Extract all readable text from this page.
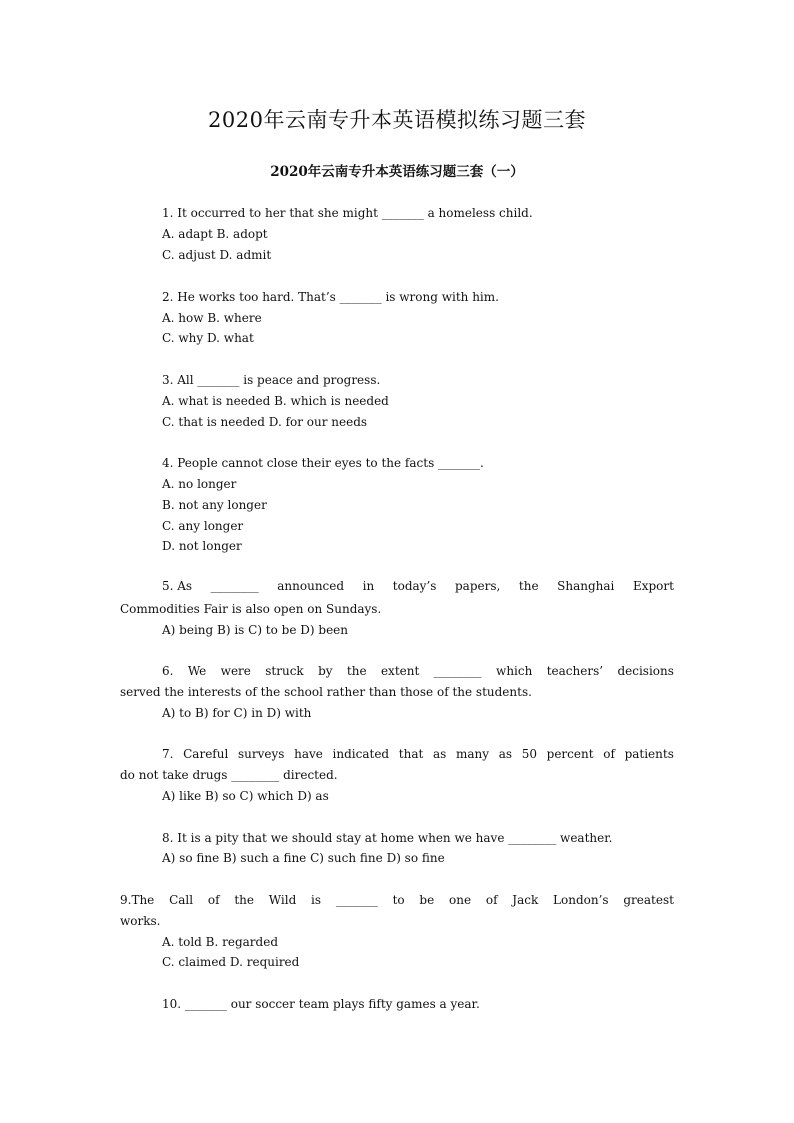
2020年云南专升本英语模拟练习题三套
2020年云南专升本英语练习题三套（一）
1. It occurred to her that she might _______ a homeless child.
A. adapt B. adopt
C. adjust D. admit
2. He works too hard. That’s _______ is wrong with him.
A. how B. where
C. why D. what
3. All _______ is peace and progress.
A. what is needed B. which is needed
C. that is needed D. for our needs
4. People cannot close their eyes to the facts _______.
A. no longer
B. not any longer
C. any longer
D. not longer
5. As ________ announced in today’s papers, the Shanghai Export
Commodities Fair is also open on Sundays.
A) being B) is C) to be D) been
6. We were struck by the extent ________ which teachers’ decisions
served the interests of the school rather than those of the students.
A) to B) for C) in D) with
7. Careful surveys have indicated that as many as 50 percent of patients
do not take drugs ________ directed.
A) like B) so C) which D) as
8. It is a pity that we should stay at home when we have ________ weather.
A) so fine B) such a fine C) such fine D) so fine
9.The Call of the Wild is _______ to be one of Jack London’s greatest
works.
A. told B. regarded
C. claimed D. required
10. _______ our soccer team plays fifty games a year.
